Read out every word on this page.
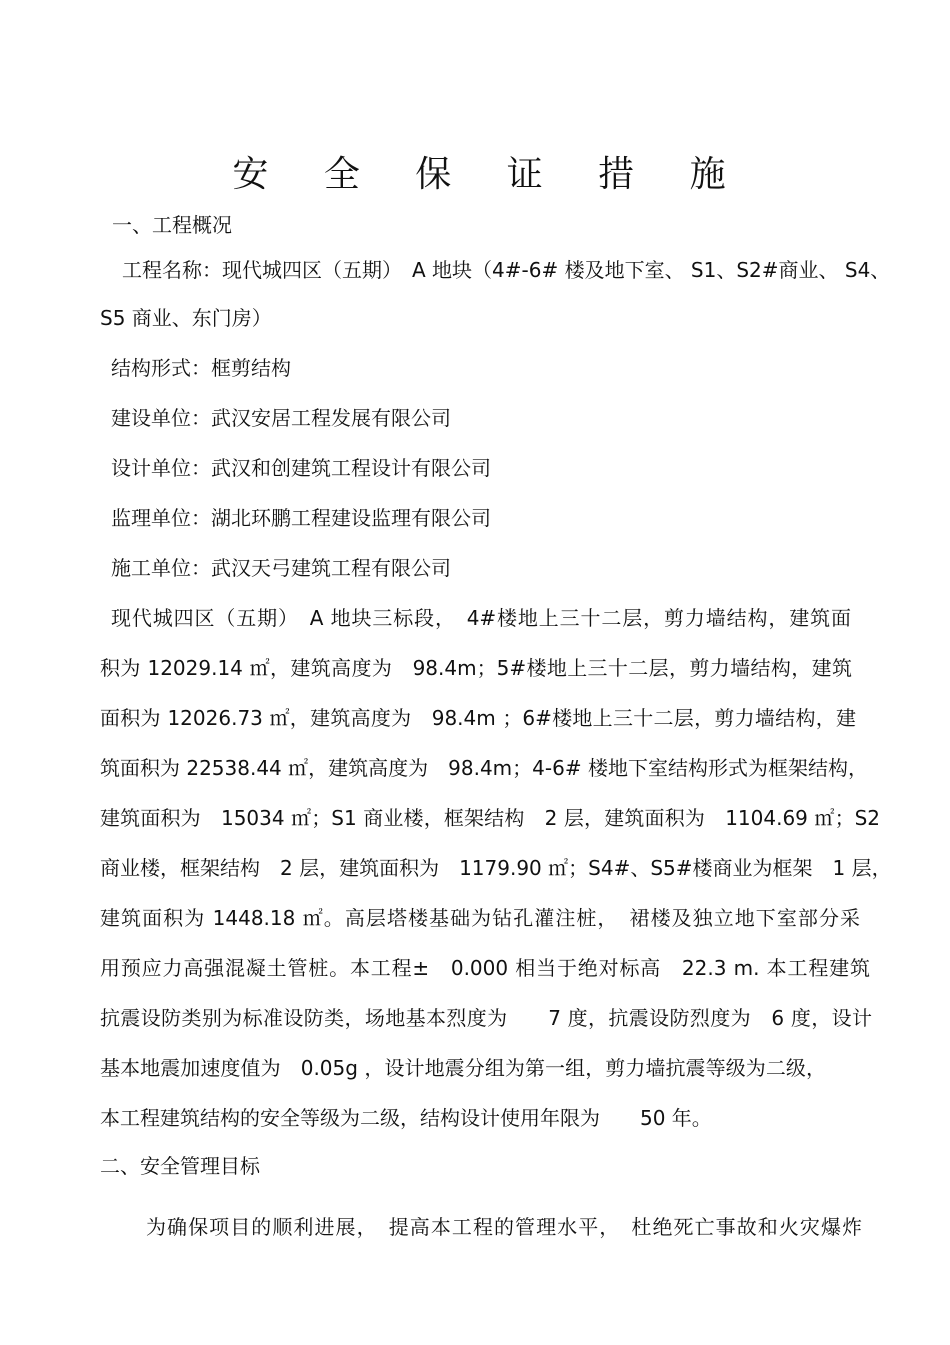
安 全 保 证 措 施
一、工程概况
工程名称：现代城四区（五期）　A 地块（4#-6# 楼及地下室、 S1、S2#商业、 S4、
S5 商业、东门房）
结构形式：框剪结构
建设单位：武汉安居工程发展有限公司
设计单位：武汉和创建筑工程设计有限公司
监理单位：湖北环鹏工程建设监理有限公司
施工单位：武汉天弓建筑工程有限公司
现代城四区（五期）　A 地块三标段，　4#楼地上三十二层，剪力墙结构，建筑面
积为 12029.14 ㎡，建筑高度为　98.4m；5#楼地上三十二层，剪力墙结构，建筑
面积为 12026.73 ㎡，建筑高度为　98.4m ；6#楼地上三十二层，剪力墙结构，建
筑面积为 22538.44 ㎡，建筑高度为　98.4m；4-6# 楼地下室结构形式为框架结构，
建筑面积为　15034 ㎡；S1 商业楼，框架结构　2 层，建筑面积为　1104.69 ㎡；S2
商业楼，框架结构　2 层，建筑面积为　1179.90 ㎡；S4#、S5#楼商业为框架　1 层，
建筑面积为 1448.18 ㎡。高层塔楼基础为钻孔灌注桩，　裙楼及独立地下室部分采
用预应力高强混凝土管桩。本工程±　0.000 相当于绝对标高　22.3 m. 本工程建筑
抗震设防类别为标准设防类，场地基本烈度为　　7 度，抗震设防烈度为　6 度，设计
基本地震加速度值为　0.05g ，设计地震分组为第一组，剪力墙抗震等级为二级，
本工程建筑结构的安全等级为二级，结构设计使用年限为　　50 年。
二、安全管理目标
为确保项目的顺利进展，　提高本工程的管理水平，　杜绝死亡事故和火灾爆炸
